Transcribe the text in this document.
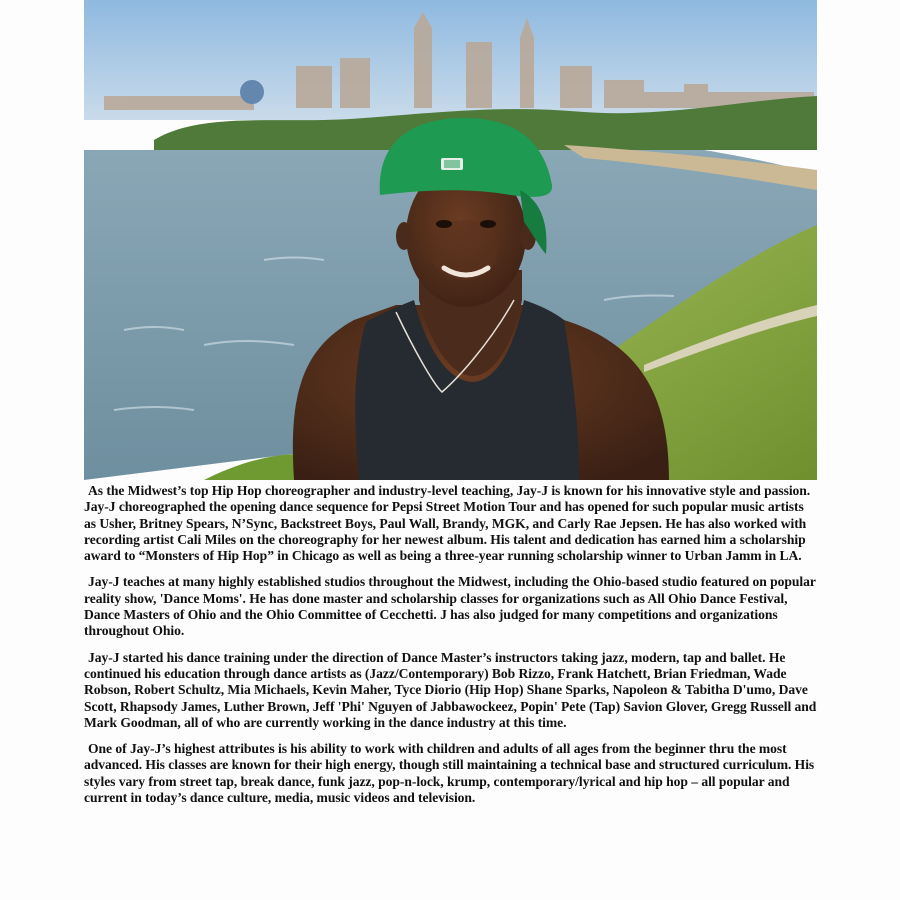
As the Midwest’s top Hip Hop choreographer and industry-level teaching, Jay-J is known for his innovative style and passion. Jay-J choreographed the opening dance sequence for Pepsi Street Motion Tour and has opened for such popular music artists as Usher, Britney Spears, N’Sync, Backstreet Boys, Paul Wall, Brandy, MGK, and Carly Rae Jepsen. He has also worked with recording artist Cali Miles on the choreography for her newest album. His talent and dedication has earned him a scholarship award to “Monsters of Hip Hop” in Chicago as well as being a three-year running scholarship winner to Urban Jamm in LA.

Jay-J teaches at many highly established studios throughout the Midwest, including the Ohio-based studio featured on popular reality show, 'Dance Moms'. He has done master and scholarship classes for organizations such as All Ohio Dance Festival, Dance Masters of Ohio and the Ohio Committee of Cecchetti. J has also judged for many competitions and organizations throughout Ohio.

Jay-J started his dance training under the direction of Dance Master’s instructors taking jazz, modern, tap and ballet. He continued his education through dance artists as (Jazz/Contemporary) Bob Rizzo, Frank Hatchett, Brian Friedman, Wade Robson, Robert Schultz, Mia Michaels, Kevin Maher, Tyce Diorio (Hip Hop) Shane Sparks, Napoleon & Tabitha D'umo, Dave Scott, Rhapsody James, Luther Brown, Jeff 'Phi' Nguyen of Jabbawockeez, Popin' Pete (Tap) Savion Glover, Gregg Russell and Mark Goodman, all of who are currently working in the dance industry at this time.

One of Jay-J’s highest attributes is his ability to work with children and adults of all ages from the beginner thru the most advanced. His classes are known for their high energy, though still maintaining a technical base and structured curriculum. His styles vary from street tap, break dance, funk jazz, pop-n-lock, krump, contemporary/lyrical and hip hop – all popular and current in today’s dance culture, media, music videos and television.
